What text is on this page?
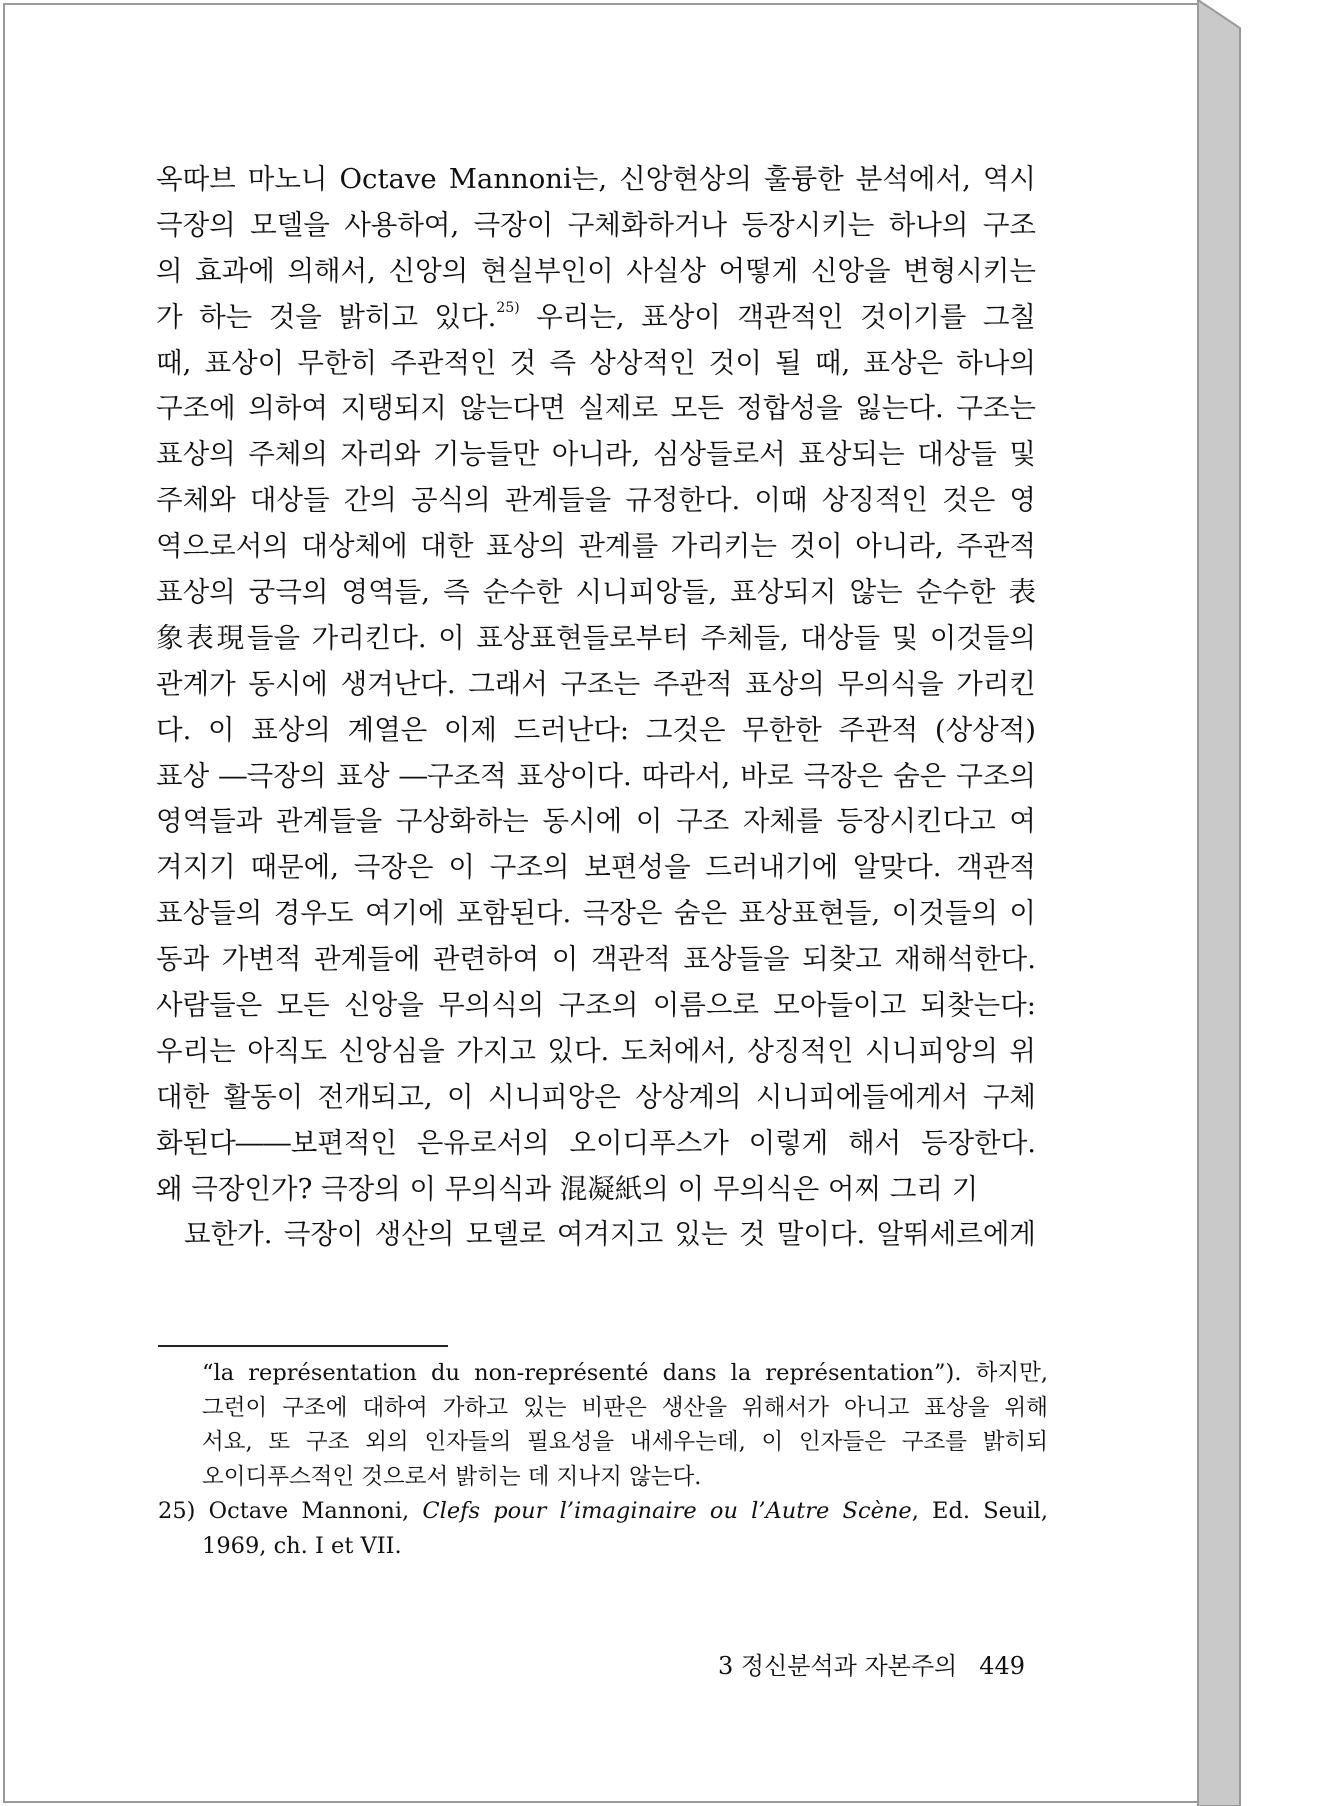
옥따브 마노니 Octave Mannoni는, 신앙현상의 훌륭한 분석에서, 역시
극장의 모델을 사용하여, 극장이 구체화하거나 등장시키는 하나의 구조
의 효과에 의해서, 신앙의 현실부인이 사실상 어떻게 신앙을 변형시키는
가 하는 것을 밝히고 있다.$^{25)}$ 우리는, 표상이 객관적인 것이기를 그칠
때, 표상이 무한히 주관적인 것 즉 상상적인 것이 될 때, 표상은 하나의
구조에 의하여 지탱되지 않는다면 실제로 모든 정합성을 잃는다. 구조는
표상의 주체의 자리와 기능들만 아니라, 심상들로서 표상되는 대상들 및
주체와 대상들 간의 공식의 관계들을 규정한다. 이때 상징적인 것은 영
역으로서의 대상체에 대한 표상의 관계를 가리키는 것이 아니라, 주관적
표상의 궁극의 영역들, 즉 순수한 시니피앙들, 표상되지 않는 순수한 表
象表現들을 가리킨다. 이 표상표현들로부터 주체들, 대상들 및 이것들의
관계가 동시에 생겨난다. 그래서 구조는 주관적 표상의 무의식을 가리킨
다. 이 표상의 계열은 이제 드러난다: 그것은 무한한 주관적 (상상적)
표상 ―극장의 표상 ―구조적 표상이다. 따라서, 바로 극장은 숨은 구조의
영역들과 관계들을 구상화하는 동시에 이 구조 자체를 등장시킨다고 여
겨지기 때문에, 극장은 이 구조의 보편성을 드러내기에 알맞다. 객관적
표상들의 경우도 여기에 포함된다. 극장은 숨은 표상표현들, 이것들의 이
동과 가변적 관계들에 관련하여 이 객관적 표상들을 되찾고 재해석한다.
사람들은 모든 신앙을 무의식의 구조의 이름으로 모아들이고 되찾는다:
우리는 아직도 신앙심을 가지고 있다. 도처에서, 상징적인 시니피앙의 위
대한 활동이 전개되고, 이 시니피앙은 상상계의 시니피에들에게서 구체
화된다――보편적인 은유로서의 오이디푸스가 이렇게 해서 등장한다.
왜 극장인가? 극장의 이 무의식과 混凝紙의 이 무의식은 어찌 그리 기
묘한가. 극장이 생산의 모델로 여겨지고 있는 것 말이다. 알뛰세르에게
“la représentation du non-représenté dans la représentation”). 하지만,
그런이 구조에 대하여 가하고 있는 비판은 생산을 위해서가 아니고 표상을 위해
서요, 또 구조 외의 인자들의 필요성을 내세우는데, 이 인자들은 구조를 밝히되
오이디푸스적인 것으로서 밝히는 데 지나지 않는다.
25) Octave Mannoni, Clefs pour l’imaginaire ou l’Autre Scène, Ed. Seuil,
1969, ch. I et VII.
3 정신분석과 자본주의 449
